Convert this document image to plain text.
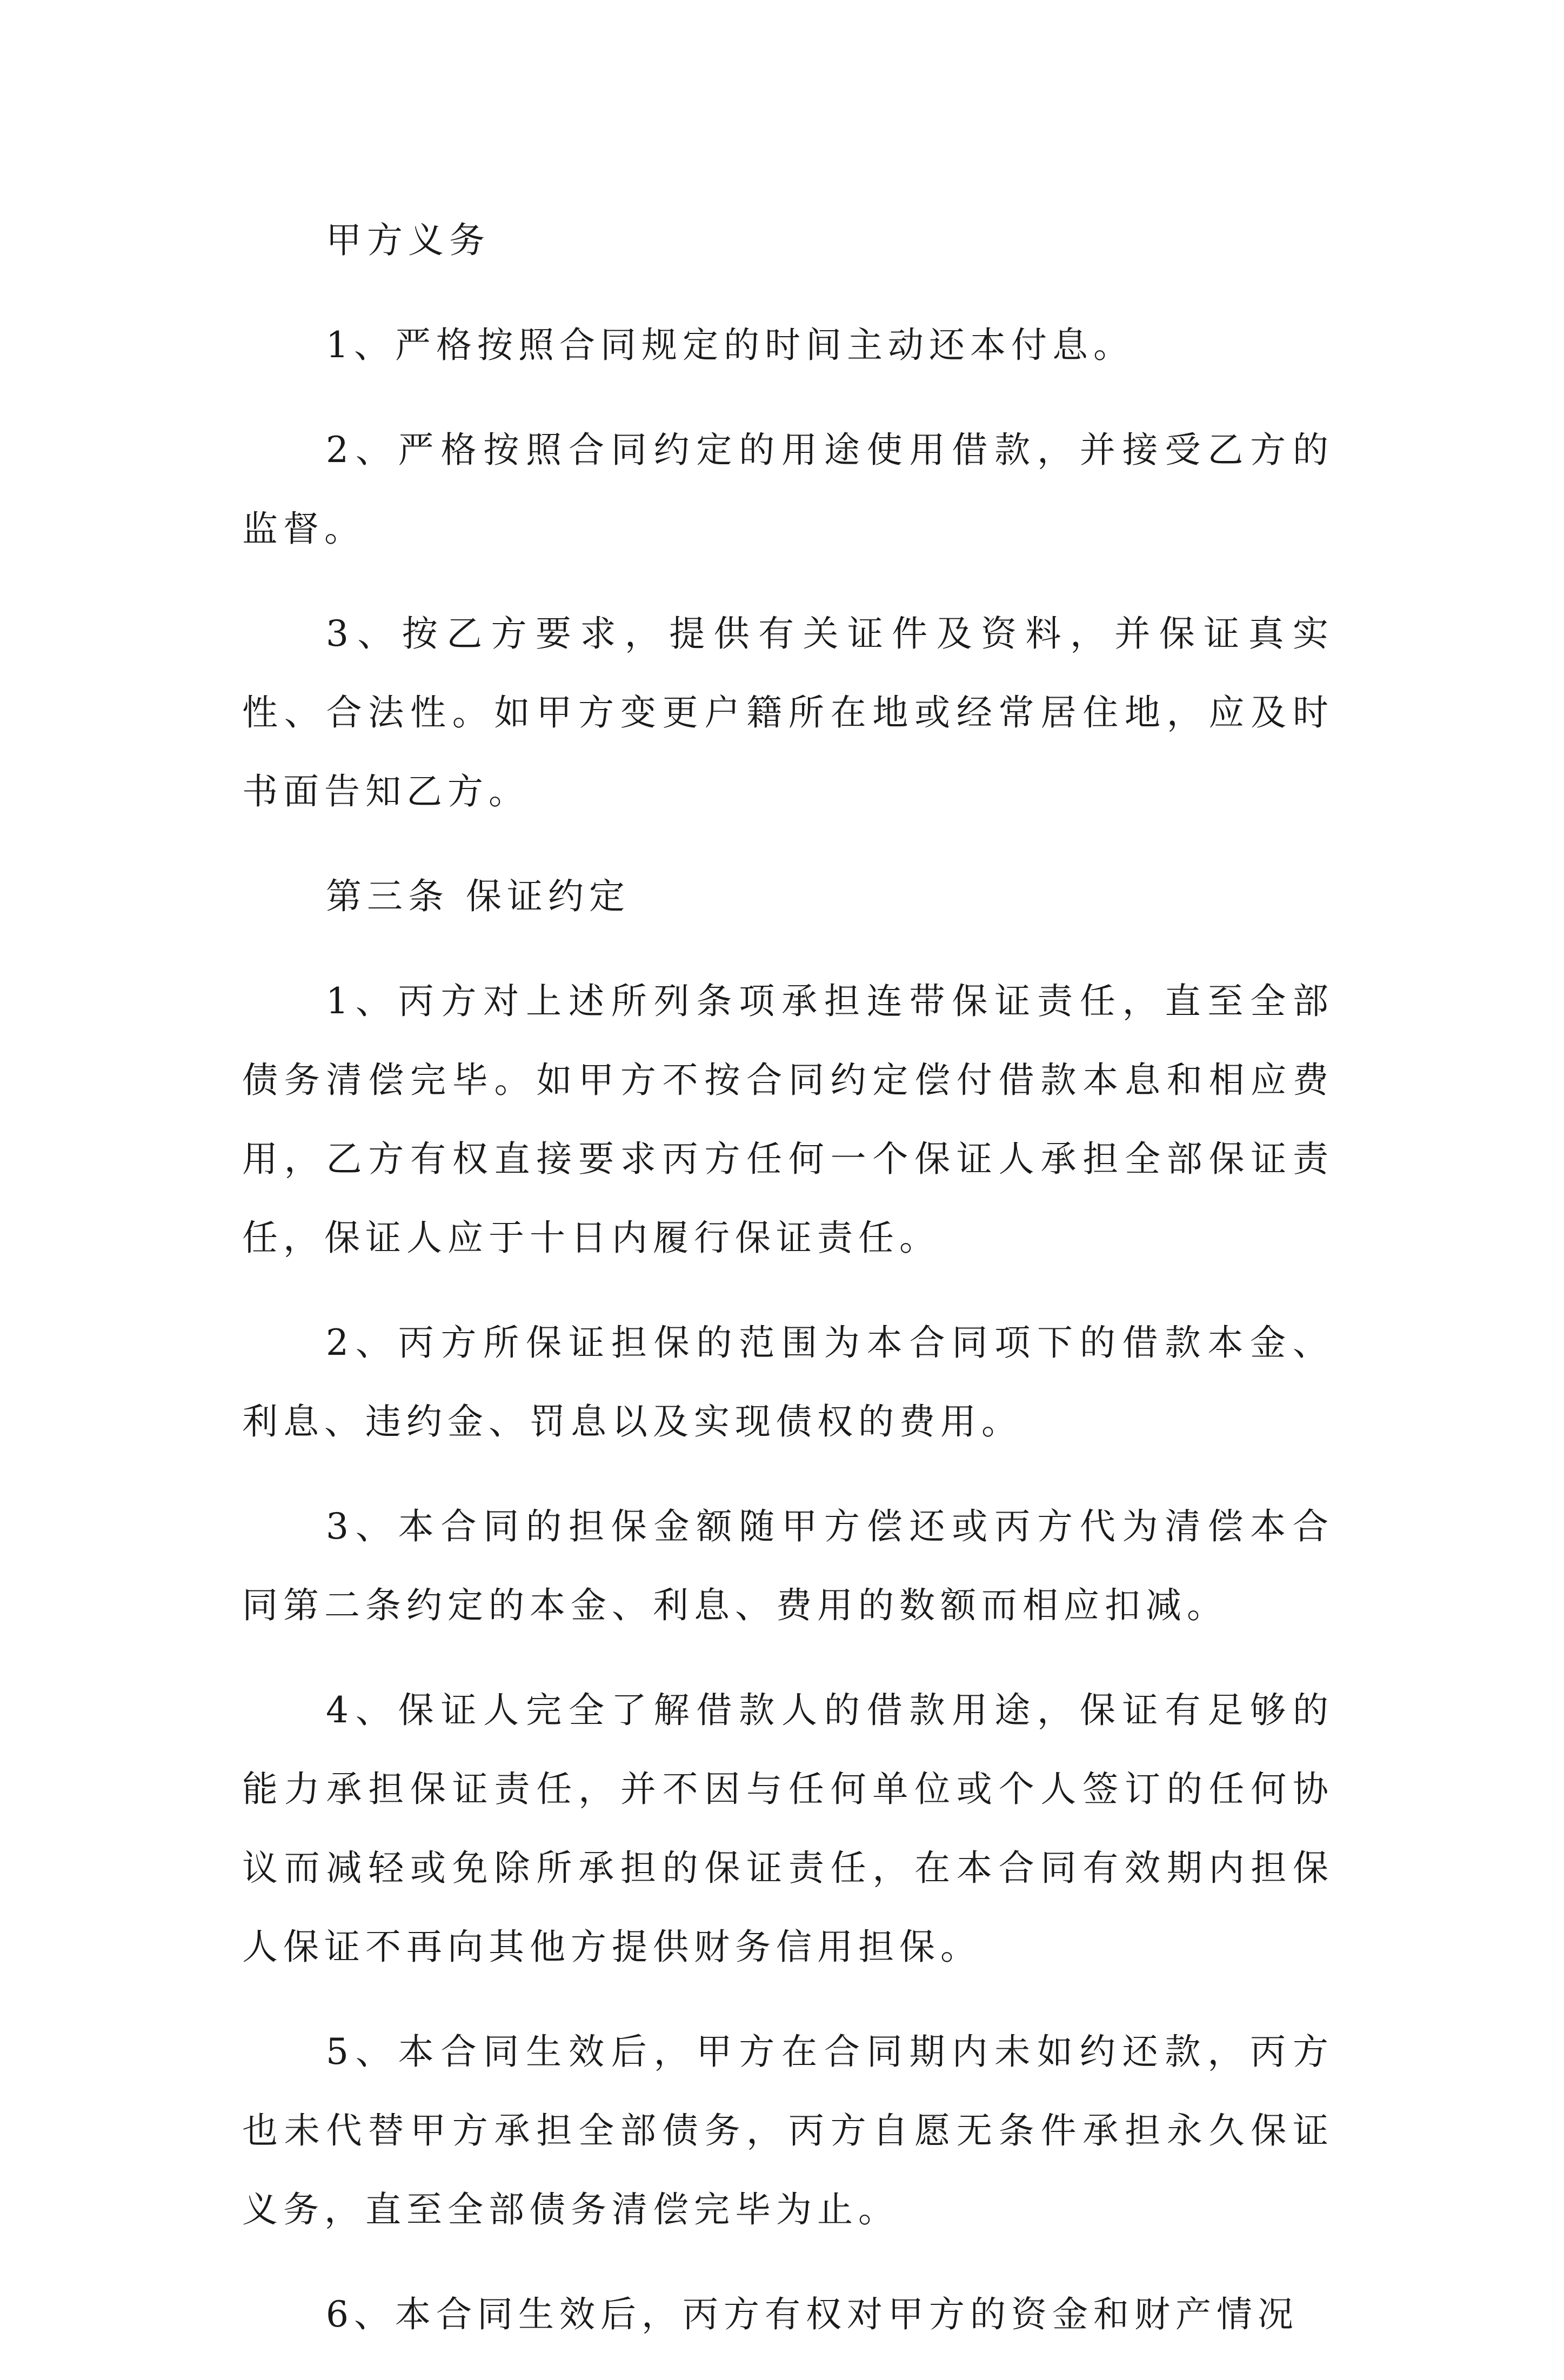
甲方义务

1、严格按照合同规定的时间主动还本付息。

2、严格按照合同约定的用途使用借款，并接受乙方的监督。

3、按乙方要求，提供有关证件及资料，并保证真实性、合法性。如甲方变更户籍所在地或经常居住地，应及时书面告知乙方。

第三条 保证约定

1、丙方对上述所列条项承担连带保证责任，直至全部债务清偿完毕。如甲方不按合同约定偿付借款本息和相应费用，乙方有权直接要求丙方任何一个保证人承担全部保证责任，保证人应于十日内履行保证责任。

2、丙方所保证担保的范围为本合同项下的借款本金、利息、违约金、罚息以及实现债权的费用。

3、本合同的担保金额随甲方偿还或丙方代为清偿本合同第二条约定的本金、利息、费用的数额而相应扣减。

4、保证人完全了解借款人的借款用途，保证有足够的能力承担保证责任，并不因与任何单位或个人签订的任何协议而减轻或免除所承担的保证责任，在本合同有效期内担保人保证不再向其他方提供财务信用担保。

5、本合同生效后，甲方在合同期内未如约还款，丙方也未代替甲方承担全部债务，丙方自愿无条件承担永久保证义务，直至全部债务清偿完毕为止。

6、本合同生效后，丙方有权对甲方的资金和财产情况
